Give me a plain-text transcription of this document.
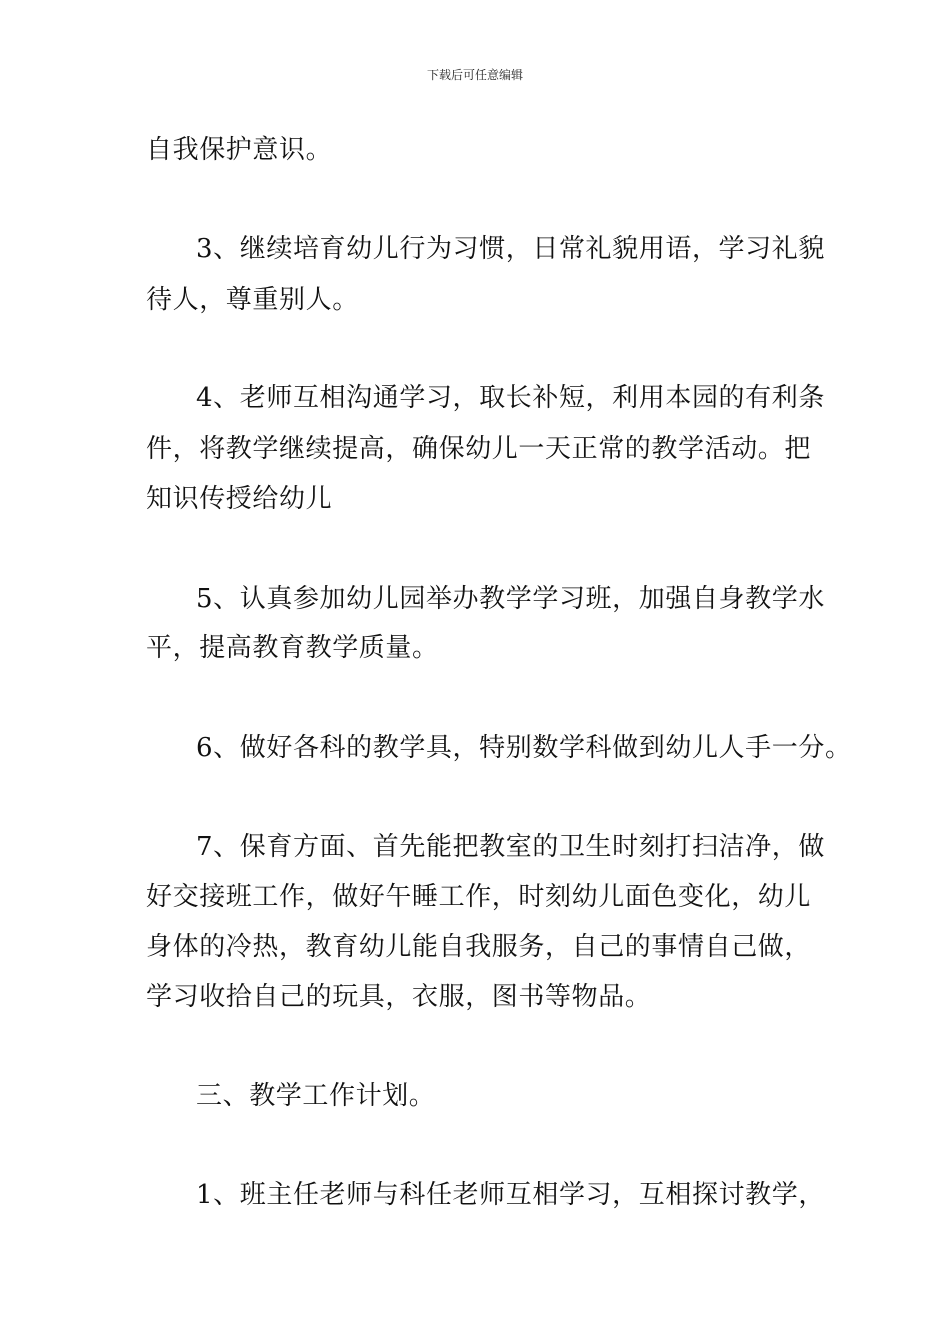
下载后可任意编辑
自我保护意识。
3、继续培育幼儿行为习惯，日常礼貌用语，学习礼貌
待人，尊重别人。
4、老师互相沟通学习，取长补短，利用本园的有利条
件，将教学继续提高，确保幼儿一天正常的教学活动。把
知识传授给幼儿
5、认真参加幼儿园举办教学学习班，加强自身教学水
平，提高教育教学质量。
6、做好各科的教学具，特别数学科做到幼儿人手一分。
7、保育方面、首先能把教室的卫生时刻打扫洁净，做
好交接班工作，做好午睡工作，时刻幼儿面色变化，幼儿
身体的冷热，教育幼儿能自我服务，自己的事情自己做，
学习收拾自己的玩具，衣服，图书等物品。
三、教学工作计划。
1、班主任老师与科任老师互相学习，互相探讨教学，
